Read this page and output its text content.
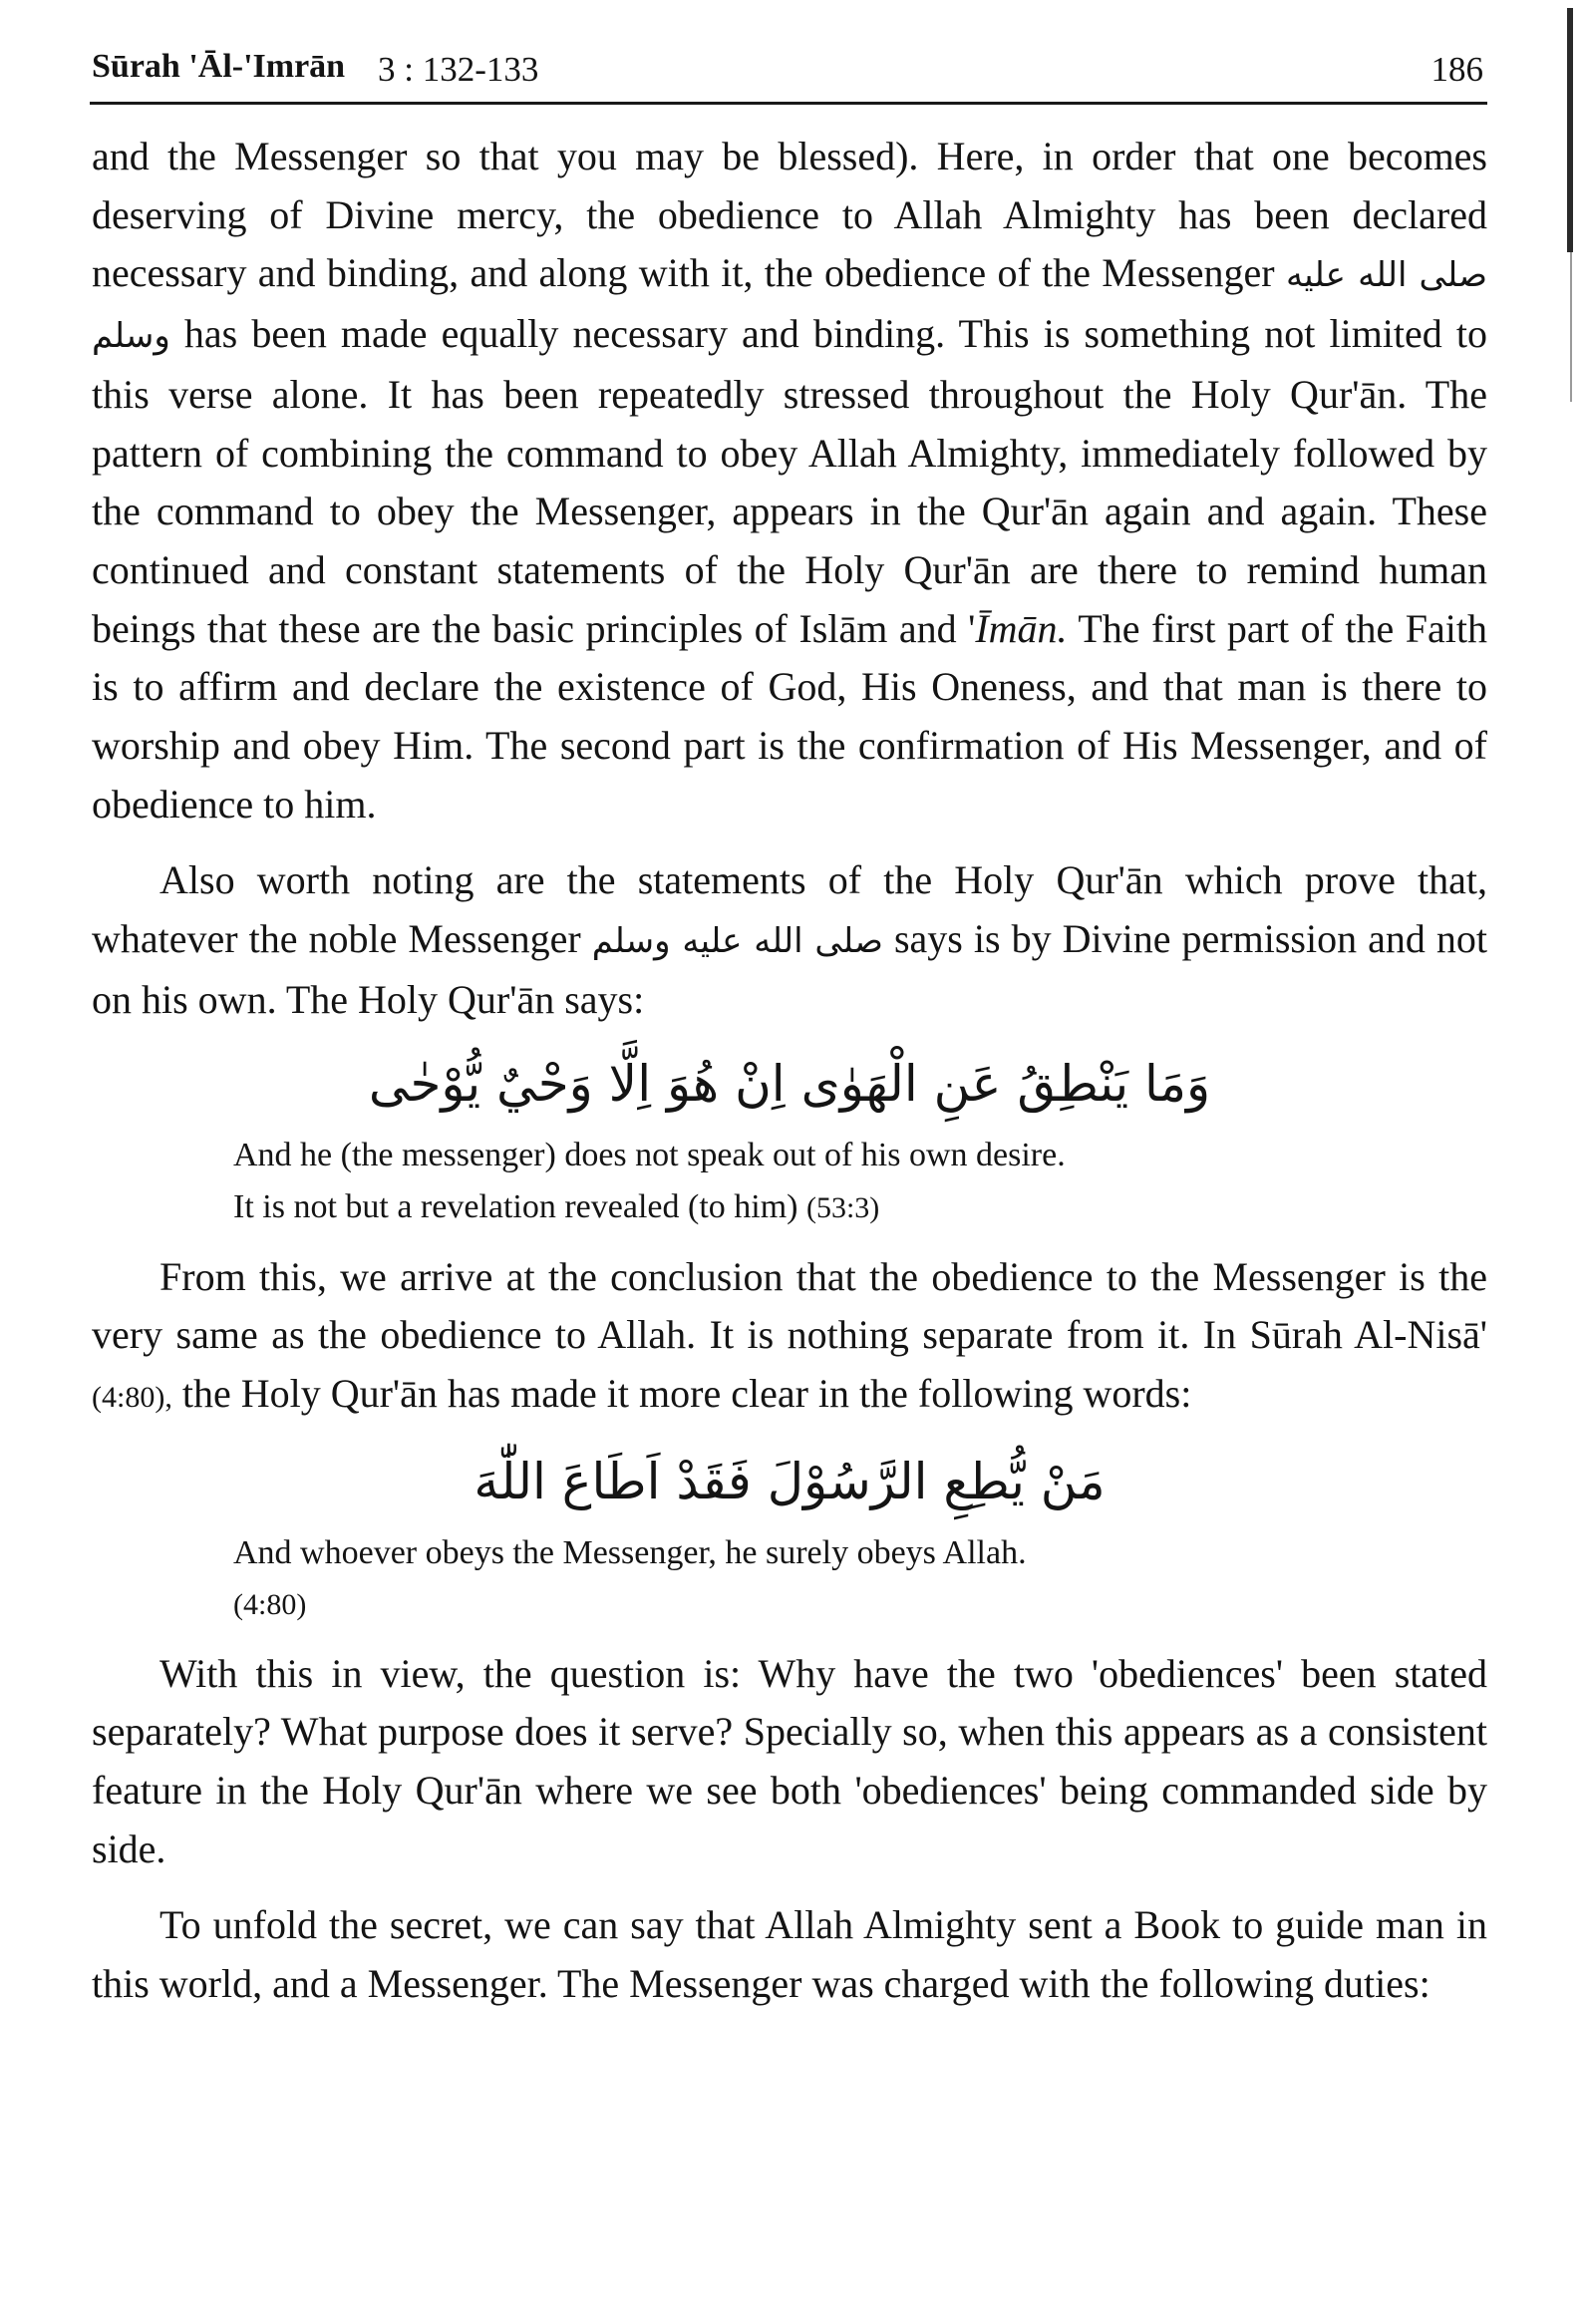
Sūrah 'Āl-'Imrān 3 : 132-133	186

and the Messenger so that you may be blessed). Here, in order that one becomes deserving of Divine mercy, the obedience to Allah Almighty has been declared necessary and binding, and along with it, the obedience of the Messenger صلى الله عليه وسلم has been made equally necessary and binding. This is something not limited to this verse alone. It has been repeatedly stressed throughout the Holy Qur'ān. The pattern of combining the command to obey Allah Almighty, immediately followed by the command to obey the Messenger, appears in the Qur'ān again and again. These continued and constant statements of the Holy Qur'ān are there to remind human beings that these are the basic principles of Islām and 'Īmān. The first part of the Faith is to affirm and declare the existence of God, His Oneness, and that man is there to worship and obey Him. The second part is the confirmation of His Messenger, and of obedience to him.

Also worth noting are the statements of the Holy Qur'ān which prove that, whatever the noble Messenger صلى الله عليه وسلم says is by Divine permission and not on his own. The Holy Qur'ān says:

وَمَا يَنْطِقُ عَنِ الْهَوٰى اِنْ هُوَ اِلَّا وَحْيٌ يُّوْحٰى

And he (the messenger) does not speak out of his own desire.

It is not but a revelation revealed (to him) (53:3)

From this, we arrive at the conclusion that the obedience to the Messenger is the very same as the obedience to Allah. It is nothing separate from it. In Sūrah Al-Nisā' (4:80), the Holy Qur'ān has made it more clear in the following words:

مَنْ يُّطِعِ الرَّسُوْلَ فَقَدْ اَطَاعَ اللّٰهَ

And whoever obeys the Messenger, he surely obeys Allah.

(4:80)

With this in view, the question is: Why have the two 'obediences' been stated separately? What purpose does it serve? Specially so, when this appears as a consistent feature in the Holy Qur'ān where we see both 'obediences' being commanded side by side.

To unfold the secret, we can say that Allah Almighty sent a Book to guide man in this world, and a Messenger. The Messenger was charged with the following duties:
